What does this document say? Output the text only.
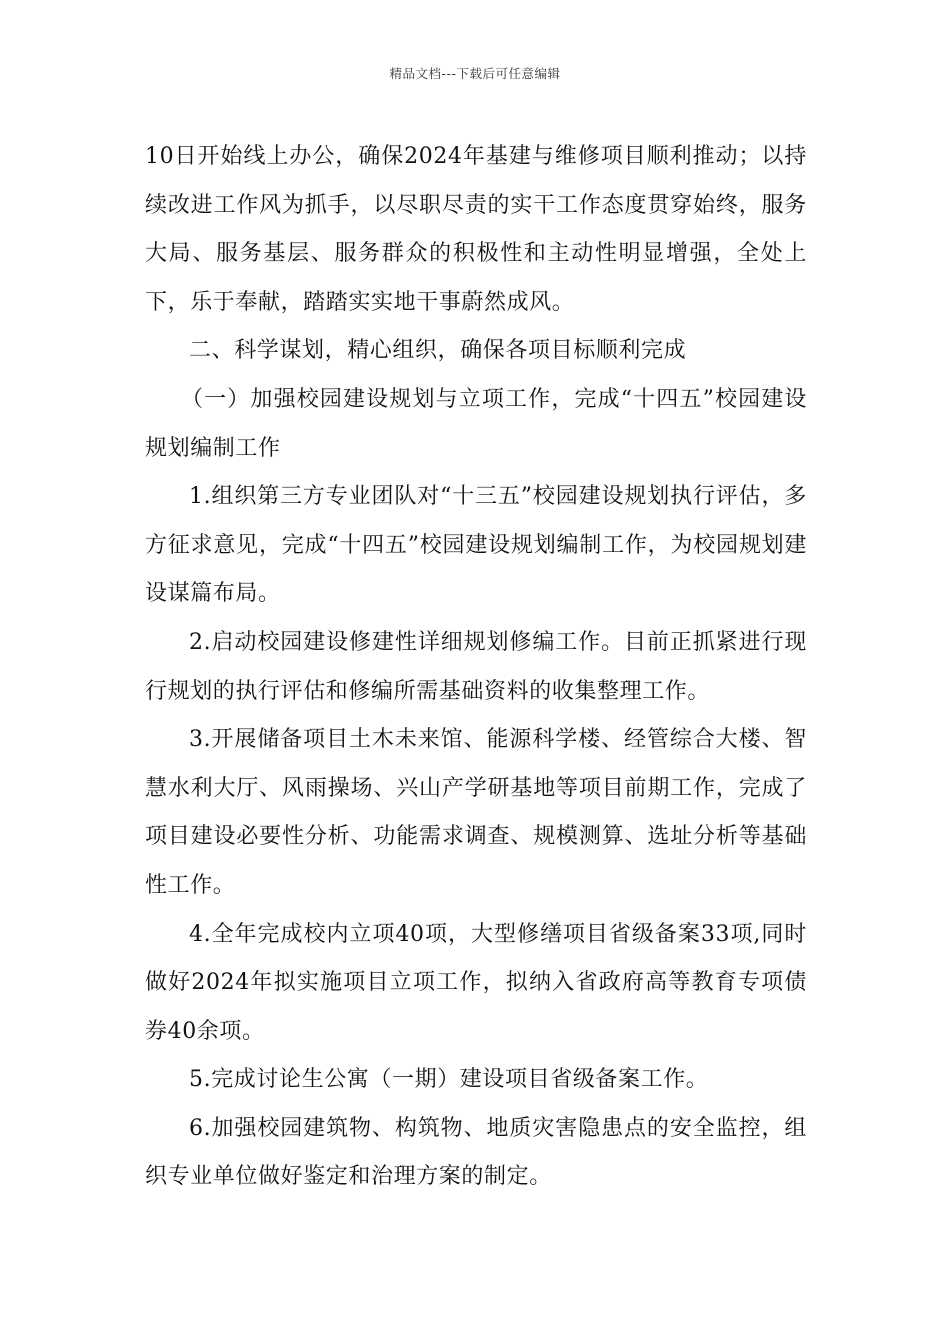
精品文档---下载后可任意编辑

10日开始线上办公，确保2024年基建与维修项目顺利推动；以持续改进工作风为抓手，以尽职尽责的实干工作态度贯穿始终，服务大局、服务基层、服务群众的积极性和主动性明显增强，全处上下，乐于奉献，踏踏实实地干事蔚然成风。

二、科学谋划，精心组织，确保各项目标顺利完成

（一）加强校园建设规划与立项工作，完成“十四五”校园建设规划编制工作

1.组织第三方专业团队对“十三五”校园建设规划执行评估，多方征求意见，完成“十四五”校园建设规划编制工作，为校园规划建设谋篇布局。

2.启动校园建设修建性详细规划修编工作。目前正抓紧进行现行规划的执行评估和修编所需基础资料的收集整理工作。

3.开展储备项目土木未来馆、能源科学楼、经管综合大楼、智慧水利大厅、风雨操场、兴山产学研基地等项目前期工作，完成了项目建设必要性分析、功能需求调查、规模测算、选址分析等基础性工作。

4.全年完成校内立项40项，大型修缮项目省级备案33项,同时做好2024年拟实施项目立项工作，拟纳入省政府高等教育专项债券40余项。

5.完成讨论生公寓（一期）建设项目省级备案工作。

6.加强校园建筑物、构筑物、地质灾害隐患点的安全监控，组织专业单位做好鉴定和治理方案的制定。
